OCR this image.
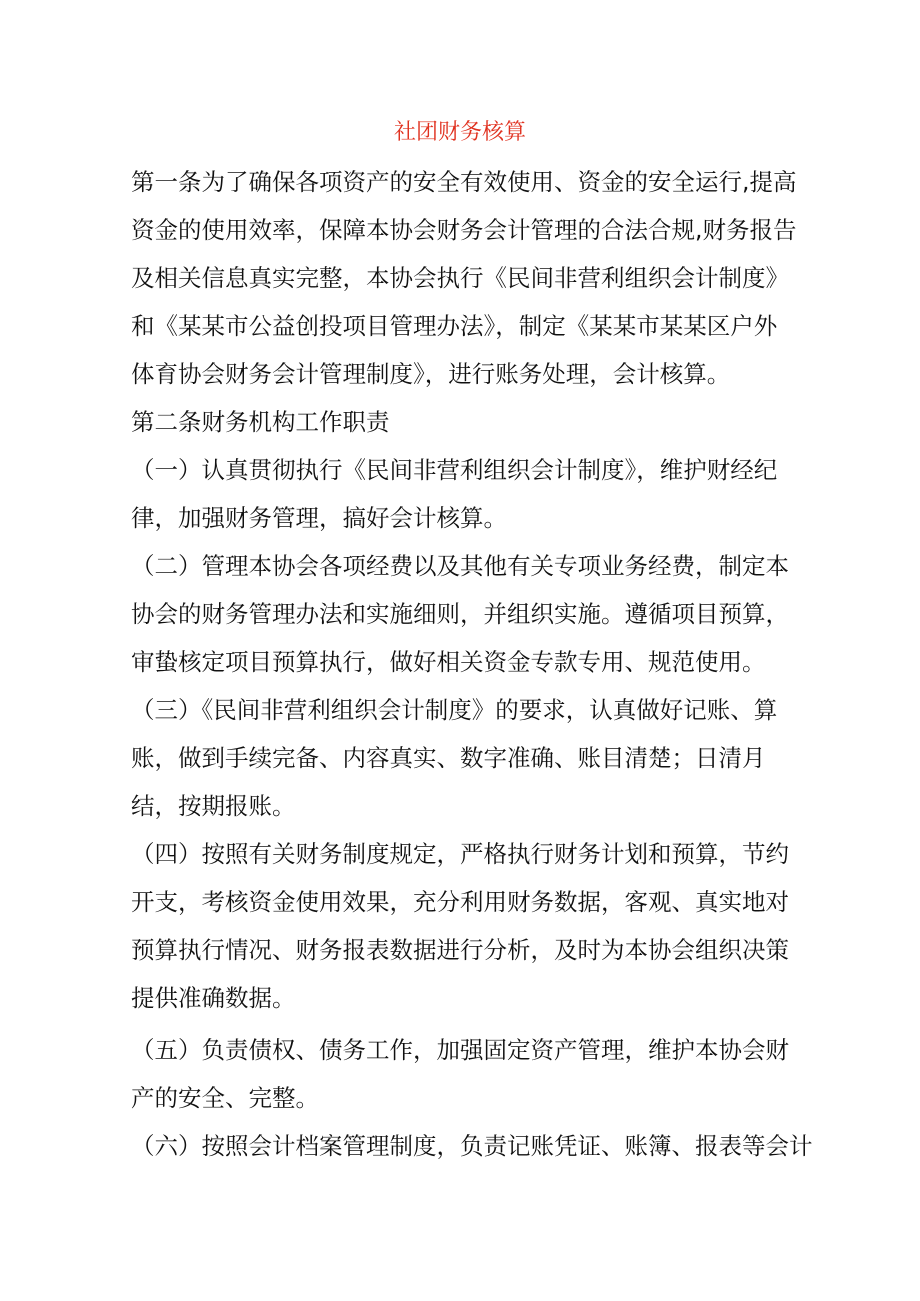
社团财务核算
第一条为了确保各项资产的安全有效使用、资金的安全运行,提高
资金的使用效率，保障本协会财务会计管理的合法合规,财务报告
及相关信息真实完整，本协会执行《民间非营利组织会计制度》
和《某某市公益创投项目管理办法》，制定《某某市某某区户外
体育协会财务会计管理制度》，进行账务处理，会计核算。
第二条财务机构工作职责
（一）认真贯彻执行《民间非营利组织会计制度》，维护财经纪
律，加强财务管理，搞好会计核算。
（二）管理本协会各项经费以及其他有关专项业务经费，制定本
协会的财务管理办法和实施细则，并组织实施。遵循项目预算，
审蛰核定项目预算执行，做好相关资金专款专用、规范使用。
（三）《民间非营利组织会计制度》的要求，认真做好记账、算
账，做到手续完备、内容真实、数字准确、账目清楚；日清月
结，按期报账。
（四）按照有关财务制度规定，严格执行财务计划和预算，节约
开支，考核资金使用效果，充分利用财务数据，客观、真实地对
预算执行情况、财务报表数据进行分析，及时为本协会组织决策
提供准确数据。
（五）负责债权、债务工作，加强固定资产管理，维护本协会财
产的安全、完整。
（六）按照会计档案管理制度，负责记账凭证、账簿、报表等会计
